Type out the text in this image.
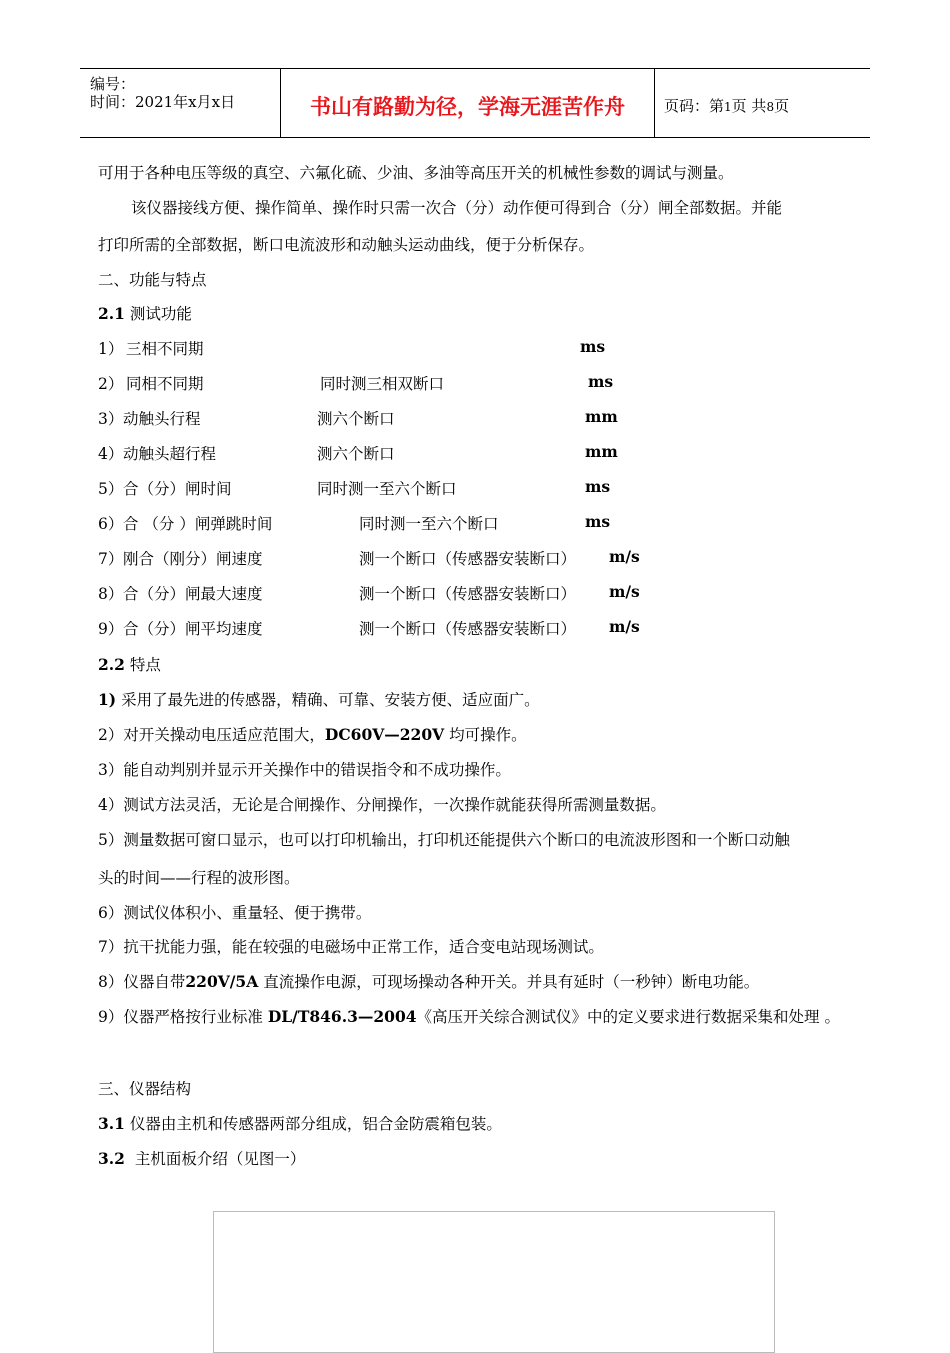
编号：
时间：2021年x月x日	书山有路勤为径，学海无涯苦作舟	页码：第1页 共8页
可用于各种电压等级的真空、六氟化硫、少油、多油等高压开关的机械性参数的调试与测量。
该仪器接线方便、操作简单、操作时只需一次合（分）动作便可得到合（分）闸全部数据。并能
打印所需的全部数据，断口电流波形和动触头运动曲线，便于分析保存。
二、功能与特点
2.1 测试功能
1） 三相不同期	ms
2） 同相不同期	同时测三相双断口	ms
3） 动触头行程	测六个断口	mm
4） 动触头超行程	测六个断口	mm
5） 合（分）闸时间	同时测一至六个断口	ms
6） 合 （分 ）闸弹跳时间	同时测一至六个断口	ms
7） 刚合（刚分）闸速度	测一个断口（传感器安装断口） m/s
8） 合（分）闸最大速度	测一个断口（传感器安装断口） m/s
9） 合（分）闸平均速度	测一个断口（传感器安装断口） m/s
2.2 特点
1) 采用了最先进的传感器，精确、可靠、安装方便、适应面广。
2）对开关操动电压适应范围大，DC60V—220V 均可操作。
3）能自动判别并显示开关操作中的错误指令和不成功操作。
4）测试方法灵活，无论是合闸操作、分闸操作，一次操作就能获得所需测量数据。
5）测量数据可窗口显示，也可以打印机输出，打印机还能提供六个断口的电流波形图和一个断口动触
头的时间——行程的波形图。
6）测试仪体积小、重量轻、便于携带。
7）抗干扰能力强，能在较强的电磁场中正常工作，适合变电站现场测试。
8）仪器自带220V/5A 直流操作电源，可现场操动各种开关。并具有延时（一秒钟）断电功能。
9）仪器严格按行业标准 DL/T846.3—2004《高压开关综合测试仪》中的定义要求进行数据采集和处理 。
三、仪器结构
3.1 仪器由主机和传感器两部分组成，铝合金防震箱包装。
3.2 主机面板介绍（见图一）
